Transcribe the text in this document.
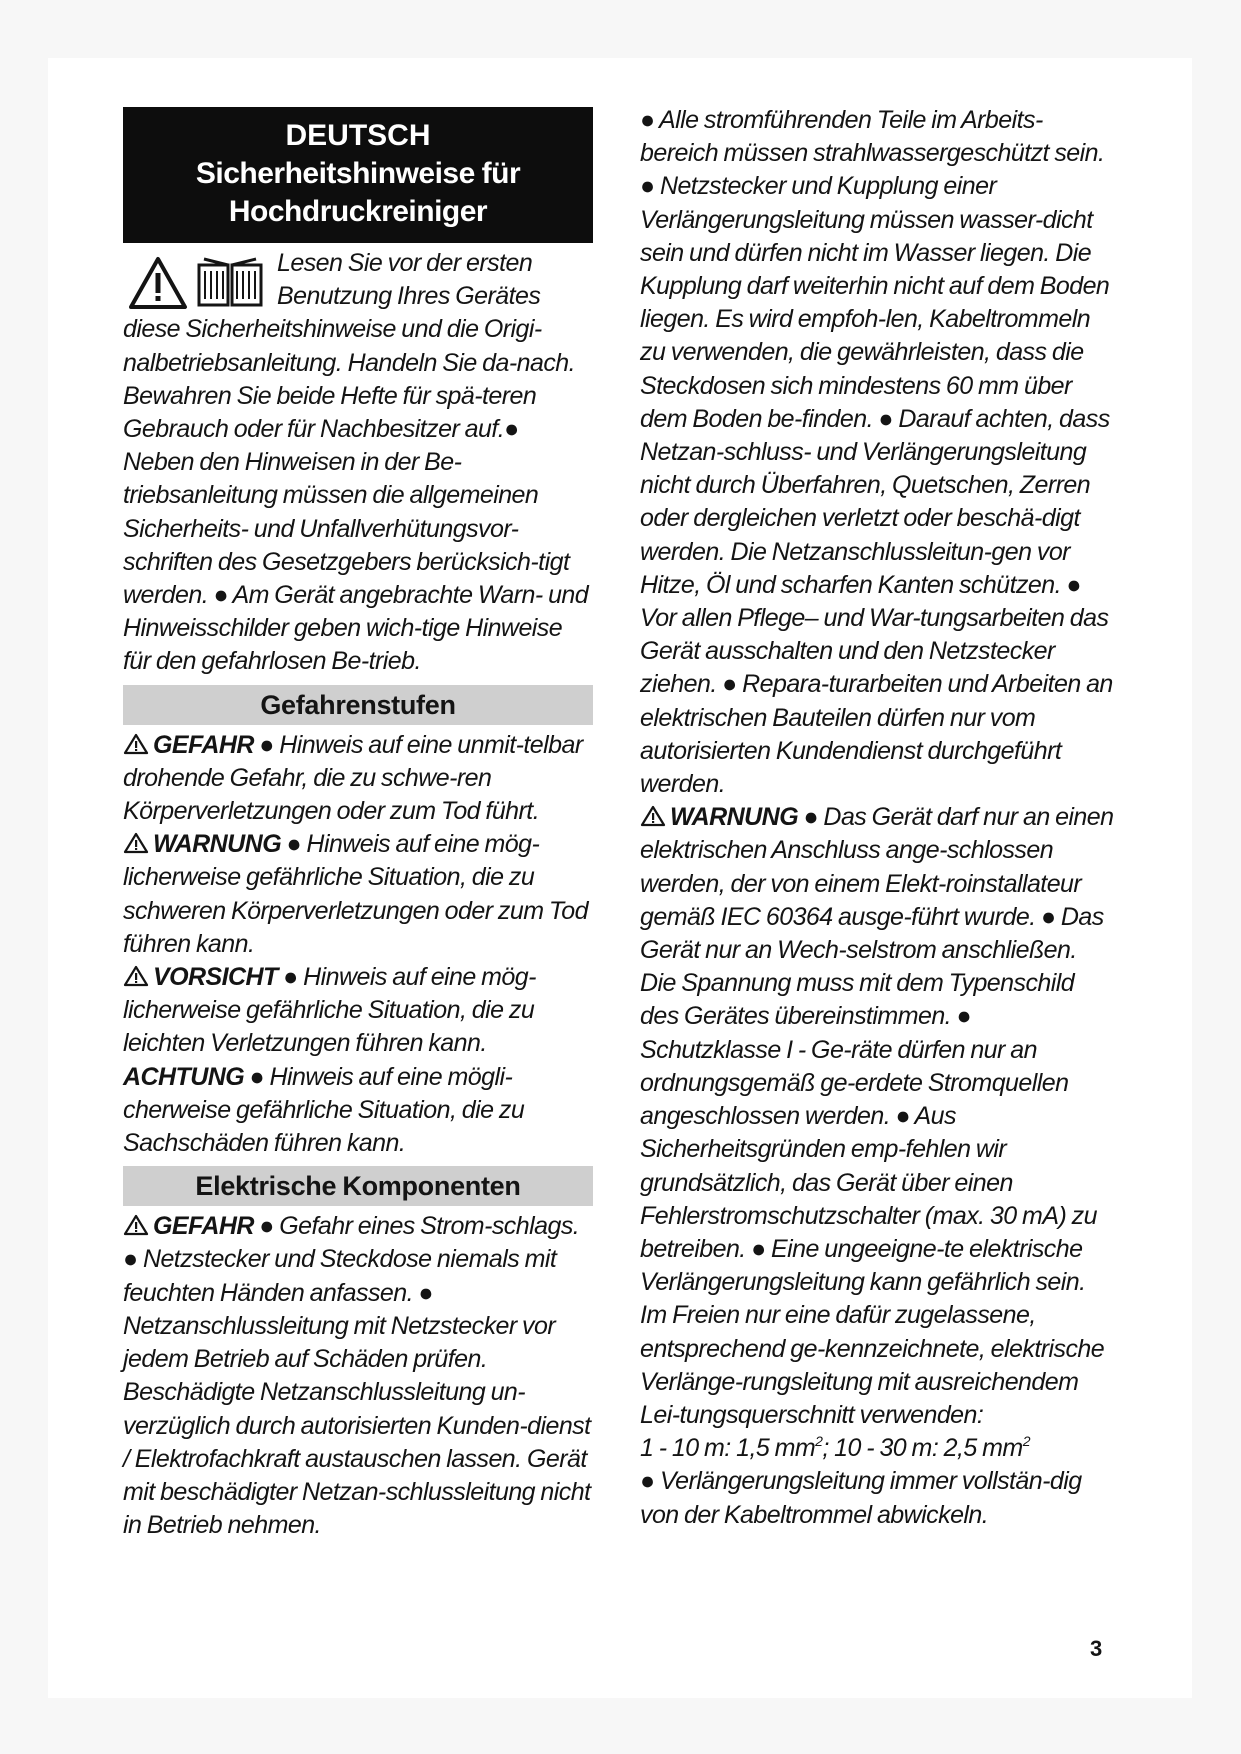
DEUTSCH
Sicherheitshinweise für
Hochdruckreiniger

Lesen Sie vor der ersten Benutzung Ihres Gerätes diese Sicherheitshinweise und die Origi-nalbetriebsanleitung. Handeln Sie da-nach. Bewahren Sie beide Hefte für spä-teren Gebrauch oder für Nachbesitzer auf.● Neben den Hinweisen in der Be-triebsanleitung müssen die allgemeinen Sicherheits- und Unfallverhütungsvor-schriften des Gesetzgebers berücksich-tigt werden. ● Am Gerät angebrachte Warn- und Hinweisschilder geben wich-tige Hinweise für den gefahrlosen Be-trieb.

Gefahrenstufen

GEFAHR ● Hinweis auf eine unmit-telbar drohende Gefahr, die zu schwe-ren Körperverletzungen oder zum Tod führt.

WARNUNG ● Hinweis auf eine mög-licherweise gefährliche Situation, die zu schweren Körperverletzungen oder zum Tod führen kann.

VORSICHT ● Hinweis auf eine mög-licherweise gefährliche Situation, die zu leichten Verletzungen führen kann.

ACHTUNG ● Hinweis auf eine mögli-cherweise gefährliche Situation, die zu Sachschäden führen kann.

Elektrische Komponenten

GEFAHR ● Gefahr eines Strom-schlags. ● Netzstecker und Steckdose niemals mit feuchten Händen anfassen. ● Netzanschlussleitung mit Netzstecker vor jedem Betrieb auf Schäden prüfen. Beschädigte Netzanschlussleitung un-verzüglich durch autorisierten Kunden-dienst / Elektrofachkraft austauschen lassen. Gerät mit beschädigter Netzan-schlussleitung nicht in Betrieb nehmen.

● Alle stromführenden Teile im Arbeits-bereich müssen strahlwassergeschützt sein. ● Netzstecker und Kupplung einer Verlängerungsleitung müssen wasser-dicht sein und dürfen nicht im Wasser liegen. Die Kupplung darf weiterhin nicht auf dem Boden liegen. Es wird empfoh-len, Kabeltrommeln zu verwenden, die gewährleisten, dass die Steckdosen sich mindestens 60 mm über dem Boden be-finden. ● Darauf achten, dass Netzan-schluss- und Verlängerungsleitung nicht durch Überfahren, Quetschen, Zerren oder dergleichen verletzt oder beschä-digt werden. Die Netzanschlussleitun-gen vor Hitze, Öl und scharfen Kanten schützen. ● Vor allen Pflege– und War-tungsarbeiten das Gerät ausschalten und den Netzstecker ziehen. ● Repara-turarbeiten und Arbeiten an elektrischen Bauteilen dürfen nur vom autorisierten Kundendienst durchgeführt werden.

WARNUNG ● Das Gerät darf nur an einen elektrischen Anschluss ange-schlossen werden, der von einem Elekt-roinstallateur gemäß IEC 60364 ausge-führt wurde. ● Das Gerät nur an Wech-selstrom anschließen. Die Spannung muss mit dem Typenschild des Gerätes übereinstimmen. ● Schutzklasse I - Ge-räte dürfen nur an ordnungsgemäß ge-erdete Stromquellen angeschlossen werden. ● Aus Sicherheitsgründen emp-fehlen wir grundsätzlich, das Gerät über einen Fehlerstromschutzschalter (max. 30 mA) zu betreiben. ● Eine ungeeigne-te elektrische Verlängerungsleitung kann gefährlich sein. Im Freien nur eine dafür zugelassene, entsprechend ge-kennzeichnete, elektrische Verlänge-rungsleitung mit ausreichendem Lei-tungsquerschnitt verwenden:

1 - 10 m: 1,5 $mm^2$; 10 - 30 m: 2,5 $mm^2$

● Verlängerungsleitung immer vollstän-dig von der Kabeltrommel abwickeln.

3
